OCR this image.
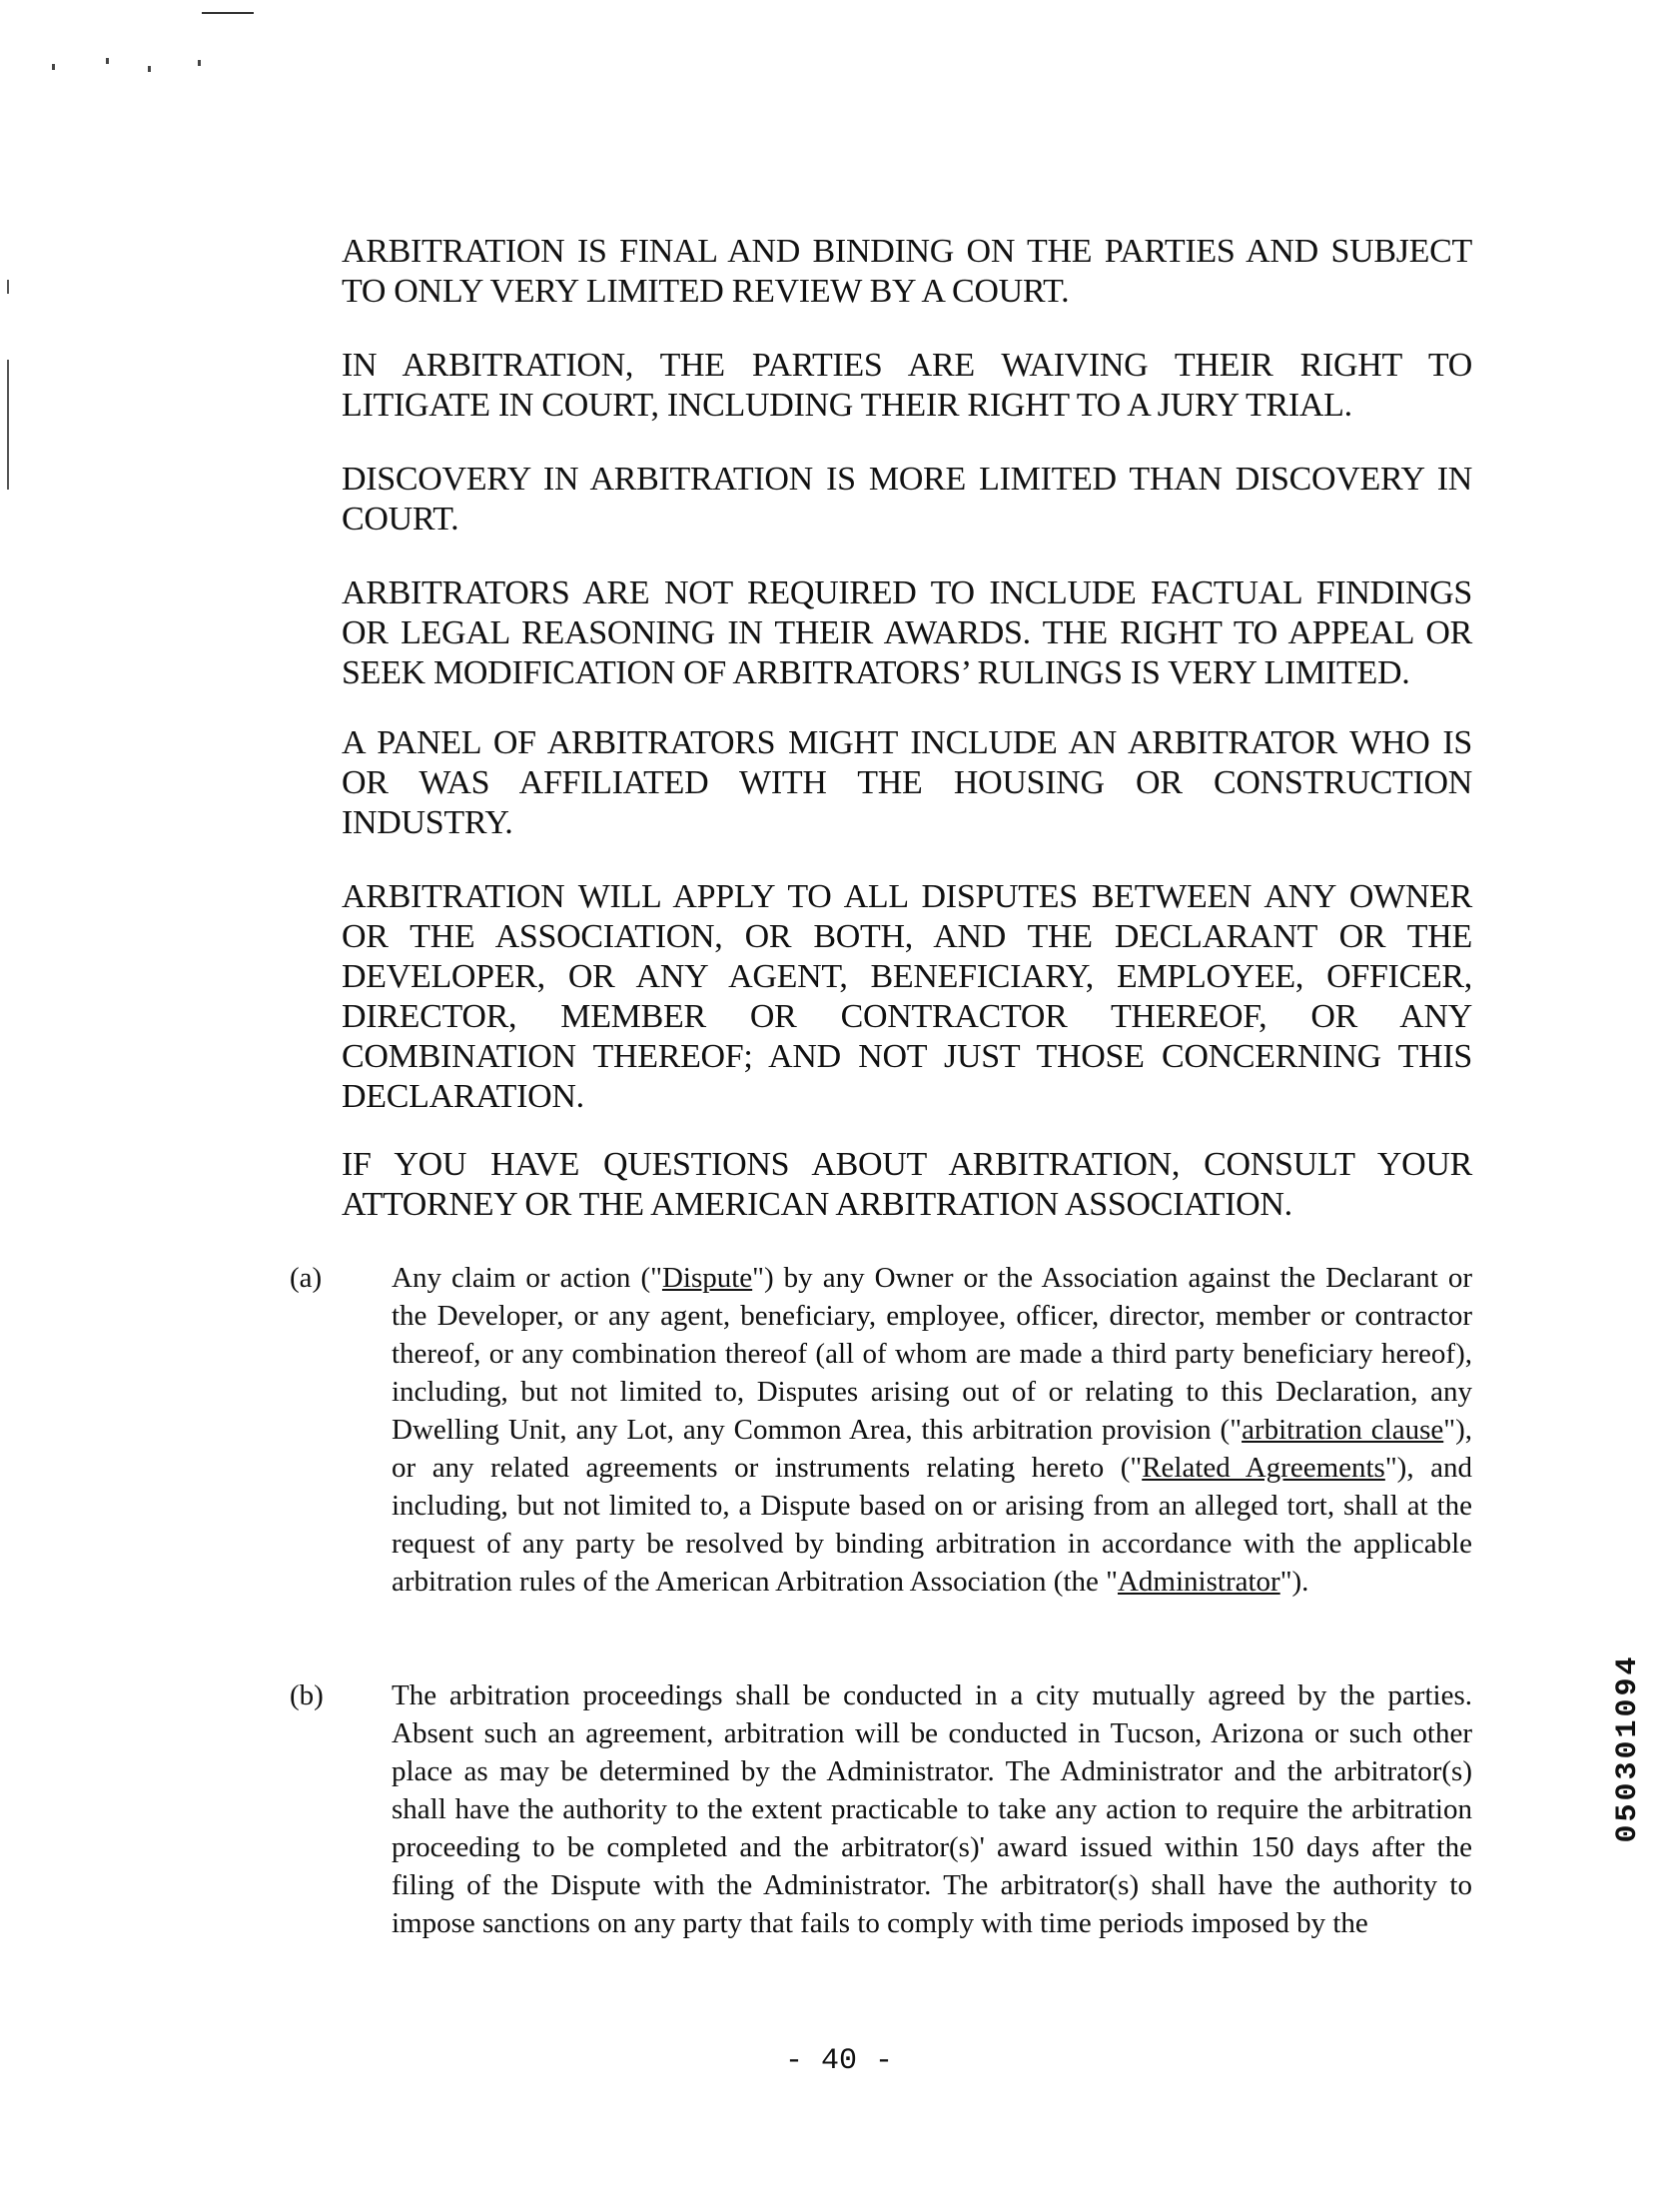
ARBITRATION IS FINAL AND BINDING ON THE PARTIES AND SUBJECT TO ONLY VERY LIMITED REVIEW BY A COURT.
IN ARBITRATION, THE PARTIES ARE WAIVING THEIR RIGHT TO LITIGATE IN COURT, INCLUDING THEIR RIGHT TO A JURY TRIAL.
DISCOVERY IN ARBITRATION IS MORE LIMITED THAN DISCOVERY IN COURT.
ARBITRATORS ARE NOT REQUIRED TO INCLUDE FACTUAL FINDINGS OR LEGAL REASONING IN THEIR AWARDS. THE RIGHT TO APPEAL OR SEEK MODIFICATION OF ARBITRATORS’ RULINGS IS VERY LIMITED.
A PANEL OF ARBITRATORS MIGHT INCLUDE AN ARBITRATOR WHO IS OR WAS AFFILIATED WITH THE HOUSING OR CONSTRUCTION INDUSTRY.
ARBITRATION WILL APPLY TO ALL DISPUTES BETWEEN ANY OWNER OR THE ASSOCIATION, OR BOTH, AND THE DECLARANT OR THE DEVELOPER, OR ANY AGENT, BENEFICIARY, EMPLOYEE, OFFICER, DIRECTOR, MEMBER OR CONTRACTOR THEREOF, OR ANY COMBINATION THEREOF; AND NOT JUST THOSE CONCERNING THIS DECLARATION.
IF YOU HAVE QUESTIONS ABOUT ARBITRATION, CONSULT YOUR ATTORNEY OR THE AMERICAN ARBITRATION ASSOCIATION.
(a)	Any claim or action ("Dispute") by any Owner or the Association against the Declarant or the Developer, or any agent, beneficiary, employee, officer, director, member or contractor thereof, or any combination thereof (all of whom are made a third party beneficiary hereof), including, but not limited to, Disputes arising out of or relating to this Declaration, any Dwelling Unit, any Lot, any Common Area, this arbitration provision ("arbitration clause"), or any related agreements or instruments relating hereto ("Related Agreements"), and including, but not limited to, a Dispute based on or arising from an alleged tort, shall at the request of any party be resolved by binding arbitration in accordance with the applicable arbitration rules of the American Arbitration Association (the "Administrator").
(b)	The arbitration proceedings shall be conducted in a city mutually agreed by the parties. Absent such an agreement, arbitration will be conducted in Tucson, Arizona or such other place as may be determined by the Administrator. The Administrator and the arbitrator(s) shall have the authority to the extent practicable to take any action to require the arbitration proceeding to be completed and the arbitrator(s)' award issued within 150 days after the filing of the Dispute with the Administrator. The arbitrator(s) shall have the authority to impose sanctions on any party that fails to comply with time periods imposed by the
- 40 -
050301094
